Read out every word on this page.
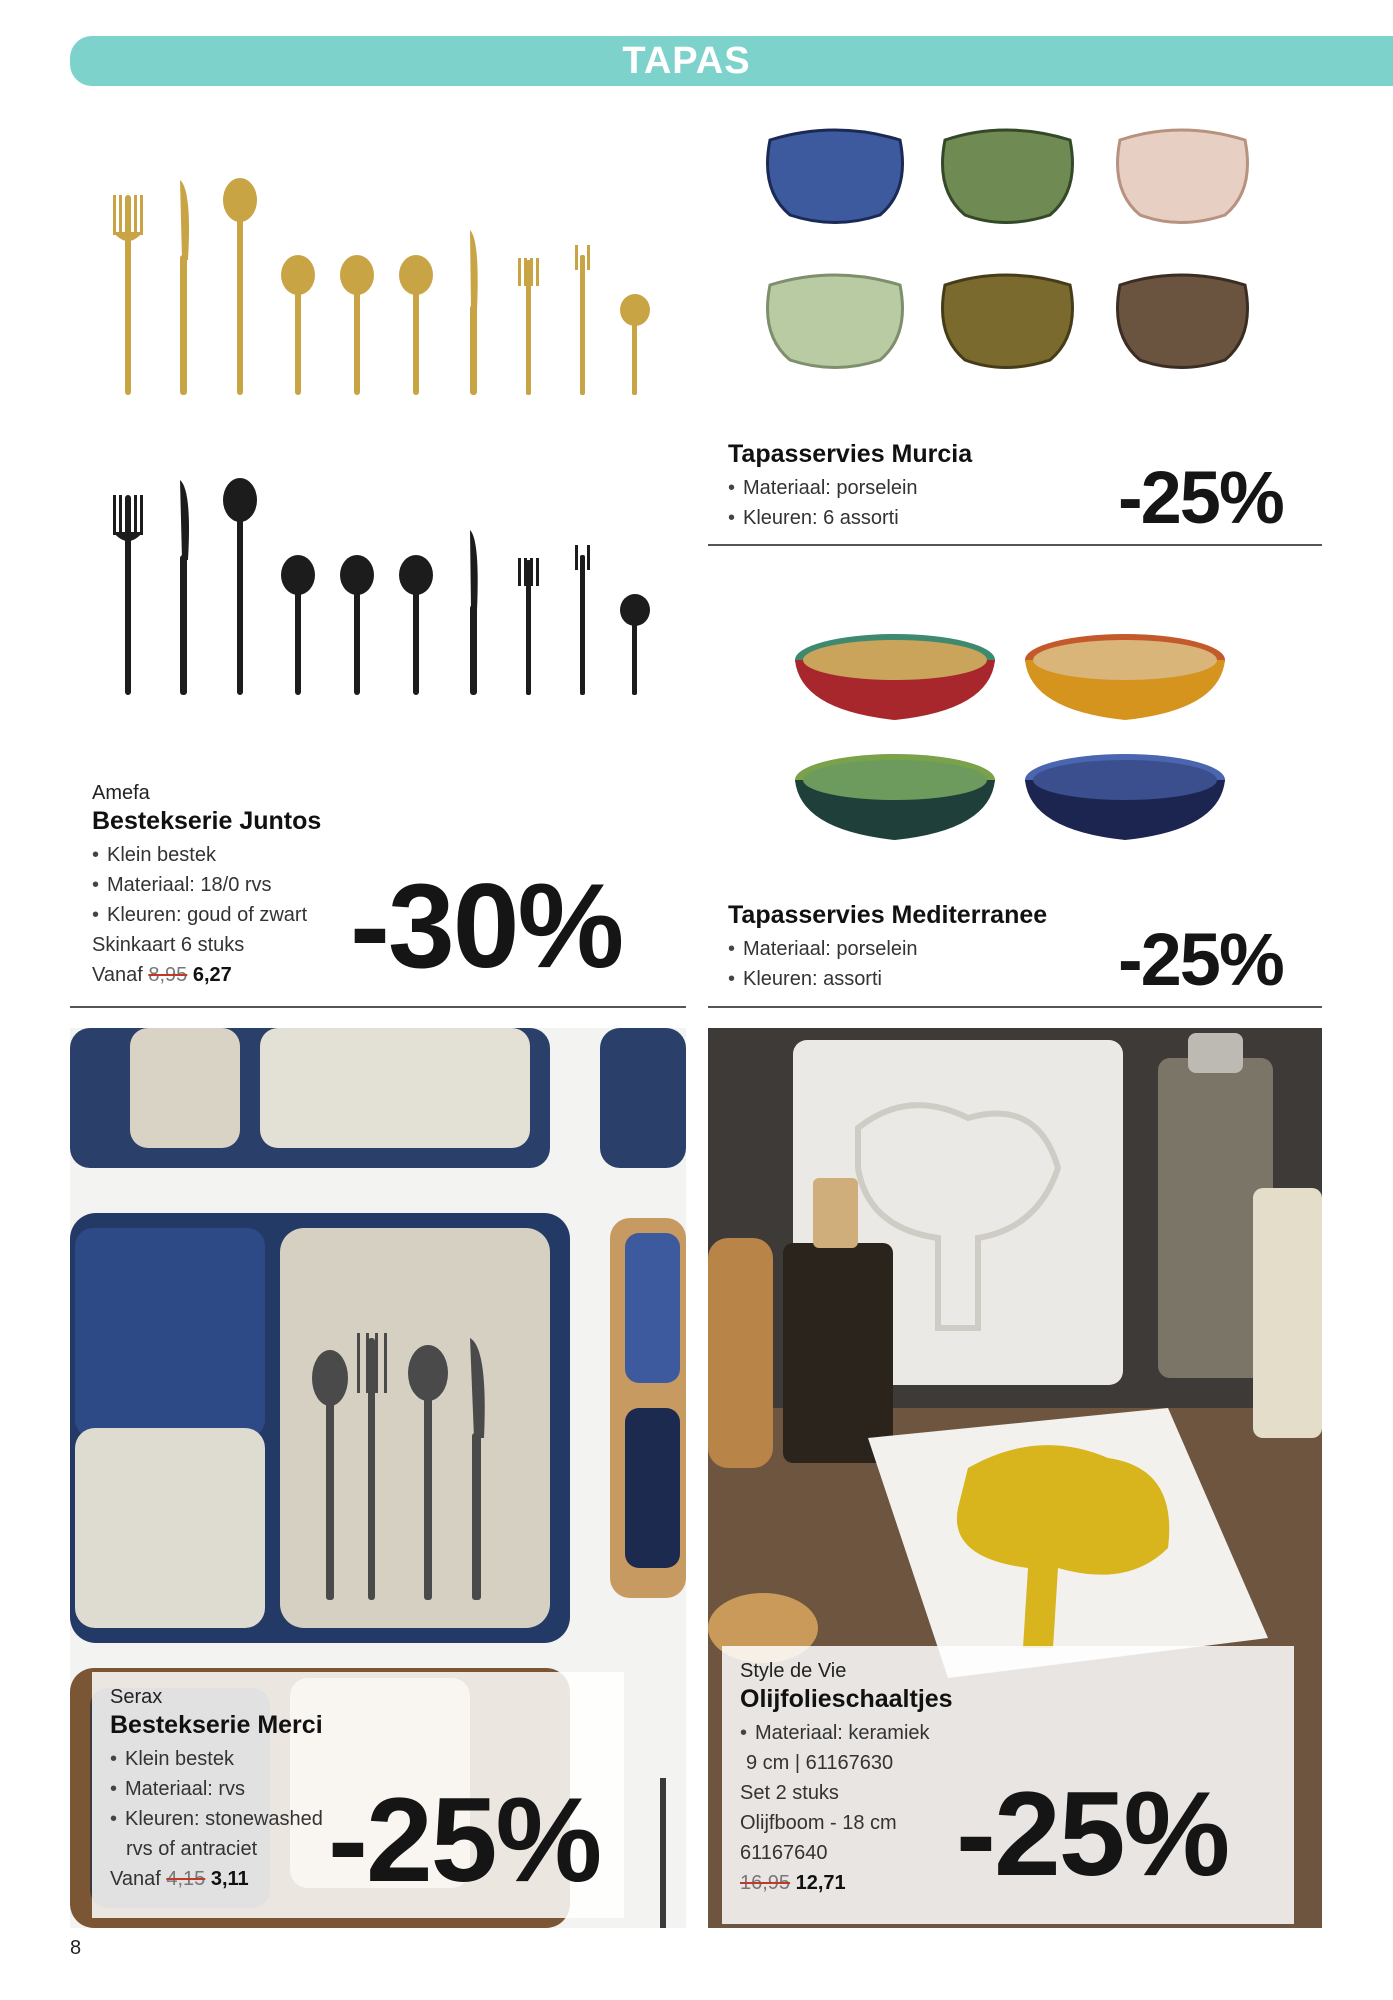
TAPAS
Amefa
Bestekserie Juntos
• Klein bestek
• Materiaal: 18/0 rvs
• Kleuren: goud of zwart
Skinkaart 6 stuks
Vanaf 8,95 6,27 -30%
Tapasservies Murcia
• Materiaal: porselein
• Kleuren: 6 assorti	-25%
Tapasservies Mediterranee
• Materiaal: porselein
• Kleuren: assorti	-25%
Serax
Bestekserie Merci
• Klein bestek
• Materiaal: rvs
• Kleuren: stonewashed
rvs of antraciet
Vanaf 4,15 3,11 -25%
Style de Vie
Olijfolieschaaltjes
• Materiaal: keramiek
9 cm | 61167630
Set 2 stuks
Olijfboom - 18 cm
61167640
16,95 12,71 -25%
8
